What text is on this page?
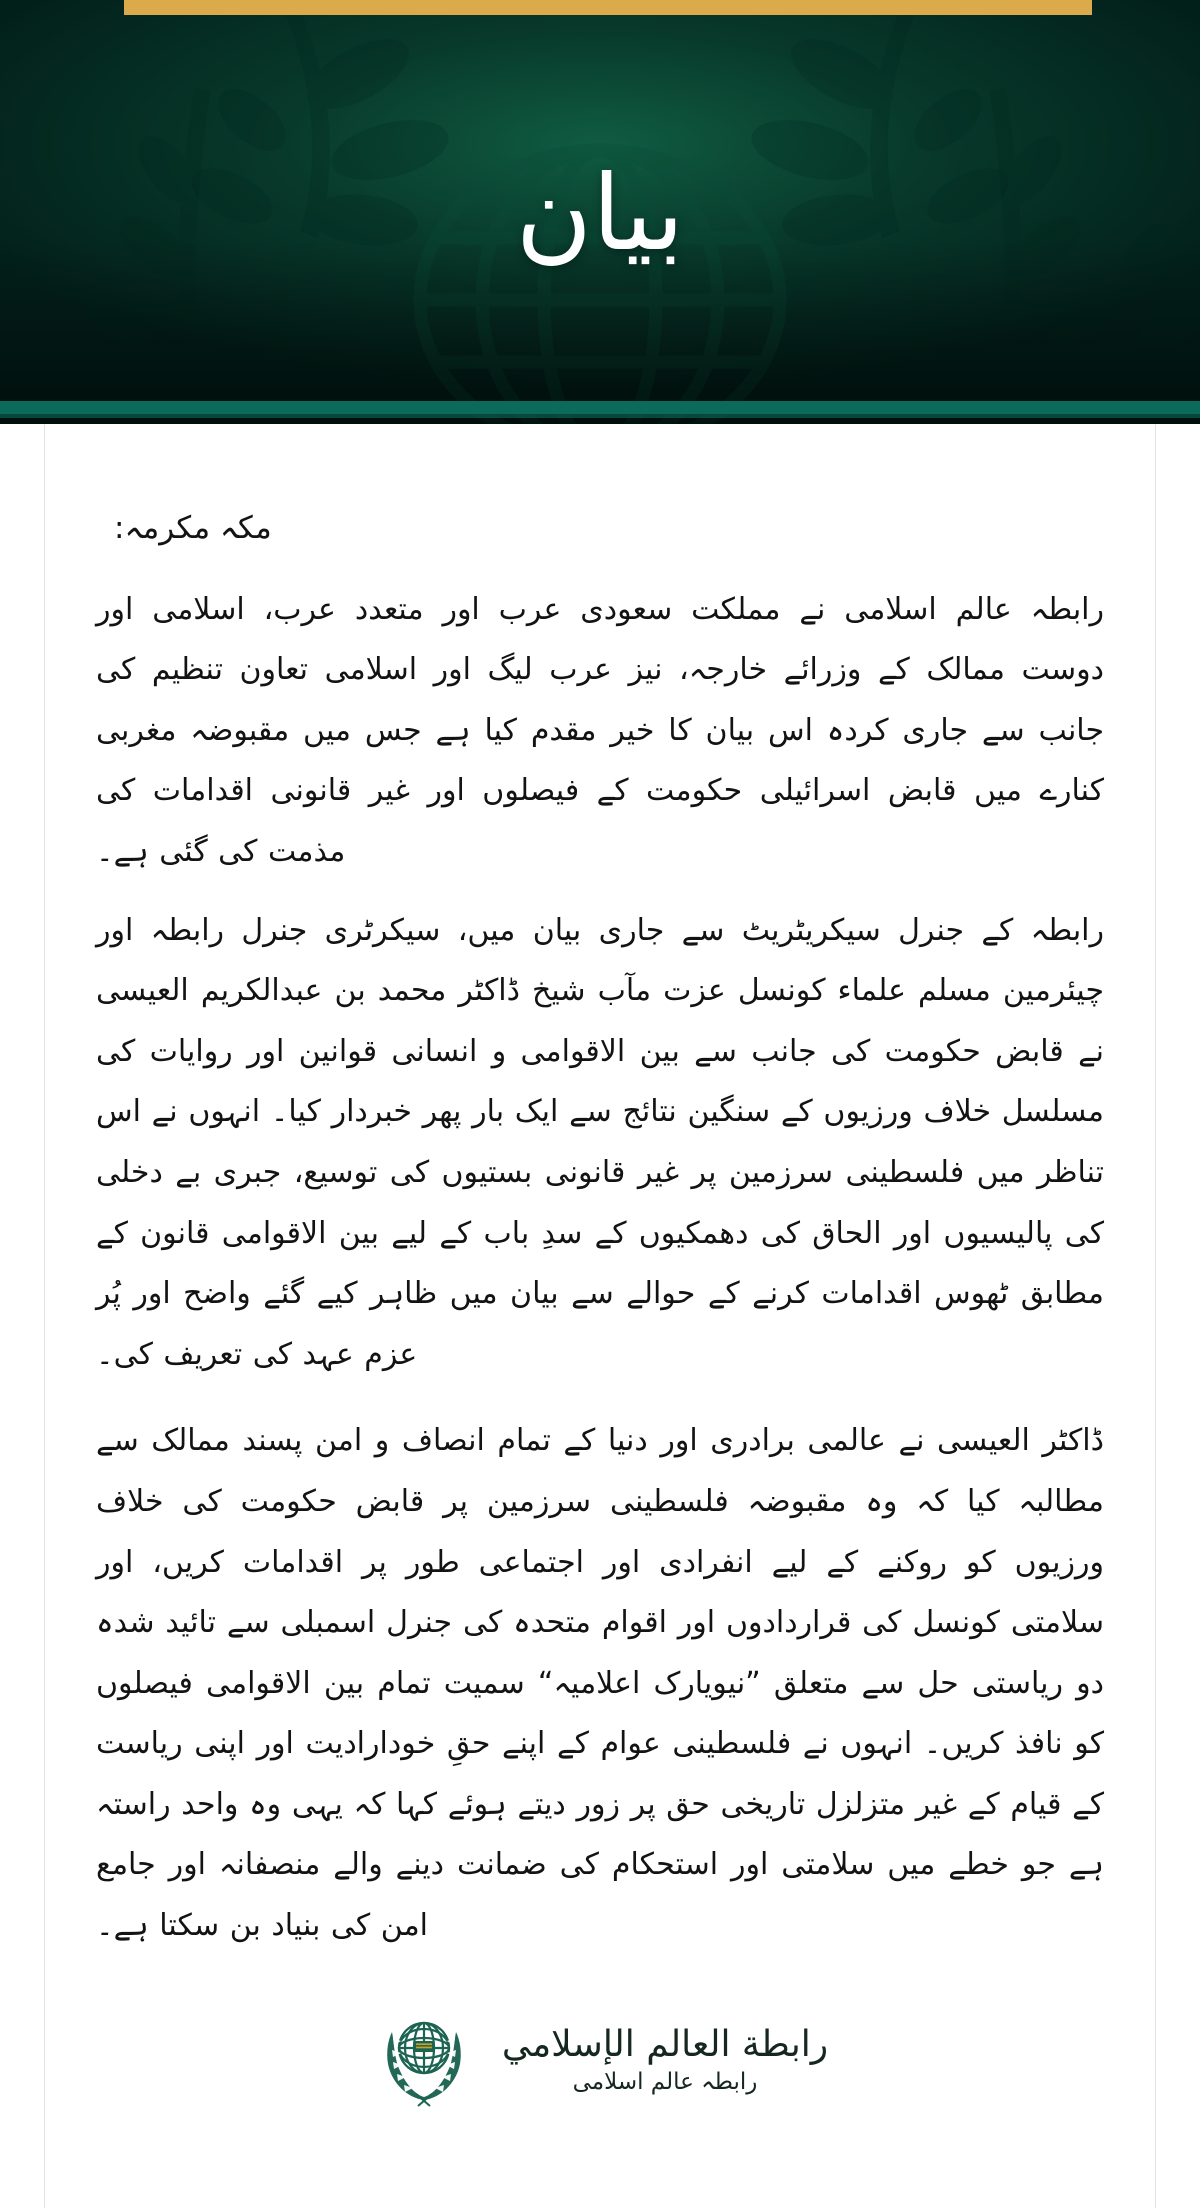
بیان
مکہ مکرمہ:

رابطہ عالم اسلامی نے مملکت سعودی عرب اور متعدد عرب، اسلامی اور دوست ممالک کے وزرائے خارجہ، نیز عرب لیگ اور اسلامی تعاون تنظیم کی جانب سے جاری کردہ اس بیان کا خیر مقدم کیا ہے جس میں مقبوضہ مغربی کنارے میں قابض اسرائیلی حکومت کے فیصلوں اور غیر قانونی اقدامات کی مذمت کی گئی ہے۔

رابطہ کے جنرل سیکریٹریٹ سے جاری بیان میں، سیکرٹری جنرل رابطہ اور چیئرمین مسلم علماء کونسل عزت مآب شیخ ڈاکٹر محمد بن عبدالکریم العیسی نے قابض حکومت کی جانب سے بین الاقوامی و انسانی قوانین اور روایات کی مسلسل خلاف ورزیوں کے سنگین نتائج سے ایک بار پھر خبردار کیا۔ انہوں نے اس تناظر میں فلسطینی سرزمین پر غیر قانونی بستیوں کی توسیع، جبری بے دخلی کی پالیسیوں اور الحاق کی دھمکیوں کے سدِ باب کے لیے بین الاقوامی قانون کے مطابق ٹھوس اقدامات کرنے کے حوالے سے بیان میں ظاہر کیے گئے واضح اور پُر عزم عہد کی تعریف کی۔

ڈاکٹر العیسی نے عالمی برادری اور دنیا کے تمام انصاف و امن پسند ممالک سے مطالبہ کیا کہ وہ مقبوضہ فلسطینی سرزمین پر قابض حکومت کی خلاف ورزیوں کو روکنے کے لیے انفرادی اور اجتماعی طور پر اقدامات کریں، اور سلامتی کونسل کی قراردادوں اور اقوام متحدہ کی جنرل اسمبلی سے تائید شدہ دو ریاستی حل سے متعلق ”نیویارک اعلامیہ“ سمیت تمام بین الاقوامی فیصلوں کو نافذ کریں۔ انہوں نے فلسطینی عوام کے اپنے حقِ خودارادیت اور اپنی ریاست کے قیام کے غیر متزلزل تاریخی حق پر زور دیتے ہوئے کہا کہ یہی وہ واحد راستہ ہے جو خطے میں سلامتی اور استحکام کی ضمانت دینے والے منصفانہ اور جامع امن کی بنیاد بن سکتا ہے۔

رابطة العالم الإسلامي
رابطہ عالم اسلامی
